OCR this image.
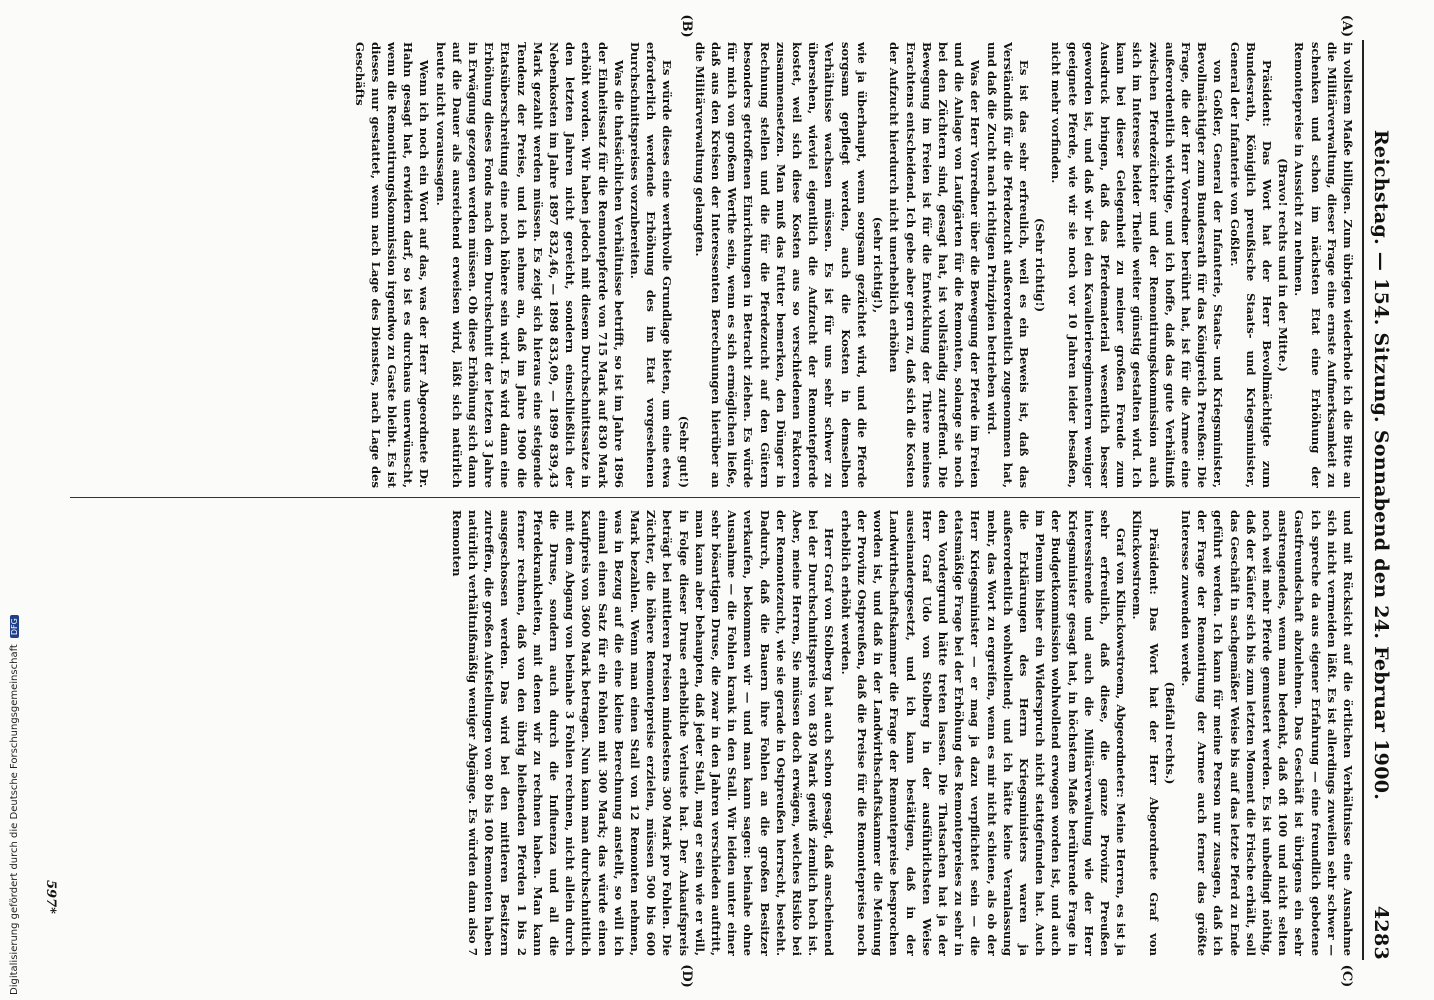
Reichstag. — 154. Sitzung. Sonnabend den 24. Februar 1900.
4283
(A)
(B)
(C)
(D)

in vollstem Maße billigen. Zum übrigen wiederhole ich die Bitte an die Militärverwaltung, dieser Frage eine ernste Aufmerksamkeit zu schenken und schon im nächsten Etat eine Erhöhung der Remontepreise in Aussicht zu nehmen.

(Bravo! rechts und in der Mitte.)

Präsident: Das Wort hat der Herr Bevollmächtigte zum Bundesrath, Königlich preußische Staats- und Kriegsminister, General der Infanterie von Goßler.

von Goßler, General der Infanterie, Staats- und Kriegsminister, Bevollmächtigter zum Bundesrath für das Königreich Preußen: Die Frage, die der Herr Vorredner berührt hat, ist für die Armee eine außerordentlich wichtige, und ich hoffe, daß das gute Verhältniß zwischen Pferdezüchter und der Remontirungskommission auch sich im Interesse beider Theile weiter günstig gestalten wird. Ich kann bei dieser Gelegenheit zu meiner großen Freude zum Ausdruck bringen, daß das Pferdematerial wesentlich besser geworden ist, und daß wir bei den Kavallerieregimentern weniger geeignete Pferde, wie wir sie noch vor 10 Jahren leider besaßen, nicht mehr vorfinden.

(Sehr richtig!)

Es ist das sehr erfreulich, weil es ein Beweis ist, daß das Verständniß für die Pferdezucht außerordentlich zugenommen hat, und daß die Zucht nach richtigen Prinzipien betrieben wird.

Was der Herr Vorredner über die Bewegung der Pferde im Freien und die Anlage von Laufgärten für die Remonten, solange sie noch bei den Züchtern sind, gesagt hat, ist vollständig zutreffend. Die Bewegung im Freien ist für die Entwicklung der Thiere meines Erachtens entscheidend. Ich gebe aber gern zu, daß sich die Kosten der Aufzucht hierdurch nicht unerheblich erhöhen

(sehr richtig!),

wie ja überhaupt, wenn sorgsam gezüchtet wird, und die Pferde sorgsam gepflegt werden, auch die Kosten in demselben Verhältnisse wachsen müssen. Es ist für uns sehr schwer zu übersehen, wieviel eigentlich die Aufzucht der Remontepferde kostet, weil sich diese Kosten aus so verschiedenen Faktoren zusammensetzen. Man muß das Futter bemerken, den Dünger in Rechnung stellen und die für die Pferdezucht auf den Gütern besonders getroffenen Einrichtungen in Betracht ziehen. Es würde für mich von großem Werthe sein, wenn es sich ermöglichen ließe, daß aus den Kreisen der Interessenten Berechnungen hierüber an die Militärverwaltung gelangten.

(Sehr gut!)

Es würde dieses eine werthvolle Grundlage bieten, um eine etwa erforderlich werdende Erhöhung des im Etat vorgesehenen Durchschnittspreises vorzubereiten.

Was die thatsächlichen Verhältnisse betrifft, so ist im Jahre 1896 der Einheitssatz für die Remontepferde von 715 Mark auf 830 Mark erhöht worden. Wir haben jedoch mit diesem Durchschnittssatze in den letzten Jahren nicht gereicht, sondern einschließlich der Nebenkosten im Jahre 1897 832,46, — 1898 833,09, — 1899 839,43 Mark gezahlt werden müssen. Es zeigt sich hieraus eine steigende Tendenz der Preise, und ich nehme an, daß im Jahre 1900 die Etatsüberschreitung eine noch höhere sein wird. Es wird dann eine Erhöhung dieses Fonds nach dem Durchschnitt der letzten 3 Jahre in Erwägung gezogen werden müssen. Ob diese Erhöhung sich dann auf die Dauer als ausreichend erweisen wird, läßt sich natürlich heute nicht voraussagen.

Wenn ich noch ein Wort auf das, was der Herr Abgeordnete Dr. Hahn gesagt hat, erwidern darf, so ist es durchaus unerwünscht, wenn die Remontirungskommission irgendwo zu Gaste bleibt. Es ist dieses nur gestattet, wenn nach Lage des Dienstes, nach Lage des Geschäfts

und mit Rücksicht auf die örtlichen Verhältnisse eine Ausnahme sich nicht vermeiden läßt. Es ist allerdings zuweilen sehr schwer — ich spreche da aus eigener Erfahrung — eine freundlich gebotene Gastfreundschaft abzulehnen. Das Geschäft ist übrigens ein sehr anstrengendes, wenn man bedenkt, daß oft 100 und nicht selten noch weit mehr Pferde gemustert werden. Es ist unbedingt nöthig, daß der Käufer sich bis zum letzten Moment die Frische erhält, soll das Geschäft in sachgemäßer Weise bis auf das letzte Pferd zu Ende geführt werden. Ich kann für meine Person nur zusagen, daß ich der Frage der Remontirung der Armee auch ferner das größte Interesse zuwenden werde.

(Beifall rechts.)

Präsident: Das Wort hat der Herr Abgeordnete Graf von Klinckowstroem.

Graf von Klinckowstroem, Abgeordneter: Meine Herren, es ist ja sehr erfreulich, daß diese, die ganze Provinz Preußen interessirende und auch die Militärverwaltung wie der Herr Kriegsminister gesagt hat, in höchstem Maße berührende Frage in der Budgetkommission wohlwollend erwogen worden ist, und auch im Plenum bisher ein Widerspruch nicht stattgefunden hat. Auch die Erklärungen des Herrn Kriegsministers waren ja außerordentlich wohlwollend; und ich hätte keine Veranlassung mehr, das Wort zu ergreifen, wenn es mir nicht schiene, als ob der Herr Kriegsminister — er mag ja dazu verpflichtet sein — die etatsmäßige Frage bei der Erhöhung des Remontepreises zu sehr in den Vordergrund hätte treten lassen. Die Thatsachen hat ja der Herr Graf Udo von Stolberg in der ausführlichsten Weise auseinandergesetzt, und ich kann bestätigen, daß in der Landwirthschaftskammer die Frage der Remontepreise besprochen worden ist, und daß in der Landwirthschaftskammer die Meinung der Provinz Ostpreußen, daß die Preise für die Remontepreise noch erheblich erhöht werden.

Herr Graf von Stolberg hat auch schon gesagt, daß anscheinend bei der Durchschnittspreis von 830 Mark gewiß ziemlich hoch ist. Aber, meine Herren, Sie müssen doch erwägen, welches Risiko bei der Remontezucht, wie sie gerade in Ostpreußen herrscht, besteht. Dadurch, daß die Bauern ihre Fohlen an die großen Besitzer verkaufen, bekommen wir — und man kann sagen: beinahe ohne Ausnahme — die Fohlen krank in den Stall. Wir leiden unter einer sehr bösartigen Druse, die zwar in den Jahren verschieden auftritt, man kann aber behaupten, daß jeder Stall, mag er sein wie er will, in Folge dieser Druse erhebliche Verluste hat. Der Ankaufspreis beträgt bei mittleren Preisen mindestens 300 Mark pro Fohlen. Die Züchter, die höhere Remontepreise erzielen, müssen 500 bis 600 Mark bezahlen. Wenn man einen Stall von 12 Remonten nehmen, was in Bezug auf die eine kleine Berechnung anstellt, so will ich einmal einen Satz für ein Fohlen mit 300 Mark; das würde einen Kaufpreis von 3600 Mark betragen. Nun kann man durchschnittlich mit dem Abgang von beinahe 3 Fohlen rechnen, nicht allein durch die Druse, sondern auch durch die Influenza und all die Pferdekrankheiten, mit denen wir zu rechnen haben. Man kann ferner rechnen, daß von den übrig bleibenden Pferden 1 bis 2 ausgeschossen werden. Das wird bei den mittleren Besitzern zutreffen, die großen Aufstellungen von 80 bis 100 Remonten haben natürlich verhältnißmäßig weniger Abgänge. Es würden dann also 7 Remonten

597*
Digitalisierung gefördert durch die Deutsche Forschungsgemeinschaft
DFG
